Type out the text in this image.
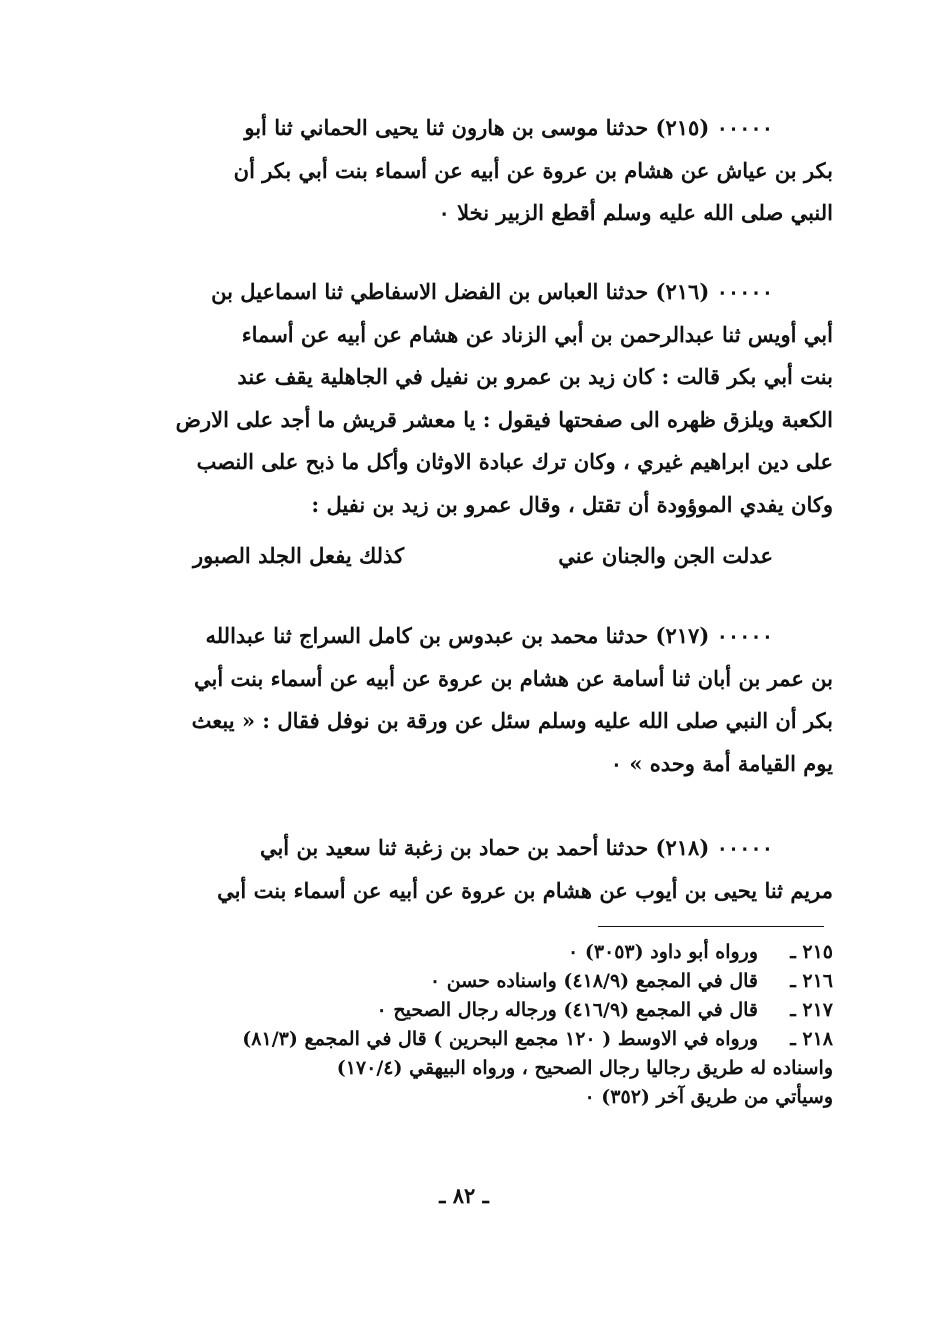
٠٠٠٠٠ (٢١٥) حدثنا موسى بن هارون ثنا يحيى الحماني ثنا أبو
بكر بن عياش عن هشام بن عروة عن أبيه عن أسماء بنت أبي بكر أن
النبي صلى الله عليه وسلم أقطع الزبير نخلا ٠
٠٠٠٠٠ (٢١٦) حدثنا العباس بن الفضل الاسفاطي ثنا اسماعيل بن
أبي أويس ثنا عبدالرحمن بن أبي الزناد عن هشام عن أبيه عن أسماء
بنت أبي بكر قالت : كان زيد بن عمرو بن نفيل في الجاهلية يقف عند
الكعبة ويلزق ظهره الى صفحتها فيقول : يا معشر قريش ما أجد على الارض
على دين ابراهيم غيري ، وكان ترك عبادة الاوثان وأكل ما ذبح على النصب
وكان يفدي الموؤودة أن تقتل ، وقال عمرو بن زيد بن نفيل :
عدلت الجن والجنان عني
كذلك يفعل الجلد الصبور
٠٠٠٠٠ (٢١٧) حدثنا محمد بن عبدوس بن كامل السراج ثنا عبدالله
بن عمر بن أبان ثنا أسامة عن هشام بن عروة عن أبيه عن أسماء بنت أبي
بكر أن النبي صلى الله عليه وسلم سئل عن ورقة بن نوفل فقال : « يبعث
يوم القيامة أمة وحده » ٠
٠٠٠٠٠ (٢١٨) حدثنا أحمد بن حماد بن زغبة ثنا سعيد بن أبي
مريم ثنا يحيى بن أيوب عن هشام بن عروة عن أبيه عن أسماء بنت أبي
٢١٥ ـ
ورواه أبو داود (٣٠٥٣) ٠
٢١٦ ـ
قال في المجمع (٤١٨/٩) واسناده حسن ٠
٢١٧ ـ
قال في المجمع (٤١٦/٩) ورجاله رجال الصحيح ٠
٢١٨ ـ
ورواه في الاوسط ( ١٢٠ مجمع البحرين ) قال في المجمع (٨١/٣)
واسناده له طريق رجاليا رجال الصحيح ، ورواه البيهقي (١٧٠/٤)
وسيأتي من طريق آخر (٣٥٢) ٠
ـ ٨٢ ـ
